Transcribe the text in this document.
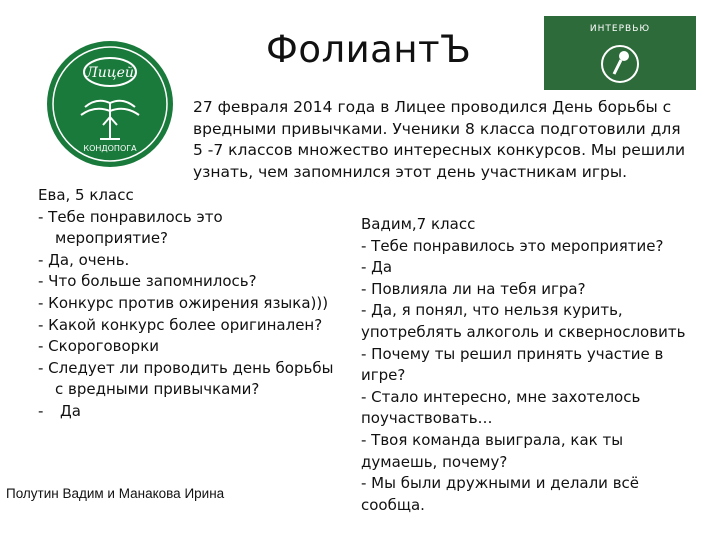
ФолиантЪ
Лицей
КОНДОПОГА
ИНТЕРВЬЮ
27 февраля 2014 года в Лицее проводился День борьбы с
вредными привычками. Ученики 8 класса подготовили для
5 -7 классов множество интересных конкурсов. Мы решили
узнать, чем запомнился этот день участникам игры.
Ева, 5 класс
- Тебе понравилось это
мероприятие?
- Да, очень.
- Что больше запомнилось?
- Конкурс против ожирения языка)))
- Какой конкурс более оригинален?
- Скороговорки
- Следует ли проводить день борьбы
с вредными привычками?
- Да
Вадим,7 класс
- Тебе понравилось это мероприятие?
- Да
- Повлияла ли на тебя игра?
- Да, я понял, что нельзя курить,
употреблять алкоголь и сквернословить
- Почему ты решил принять участие в
игре?
- Стало интересно, мне захотелось
поучаствовать…
- Твоя команда выиграла, как ты
думаешь, почему?
- Мы были дружными и делали всё
сообща.
Полутин Вадим и Манакова Ирина
